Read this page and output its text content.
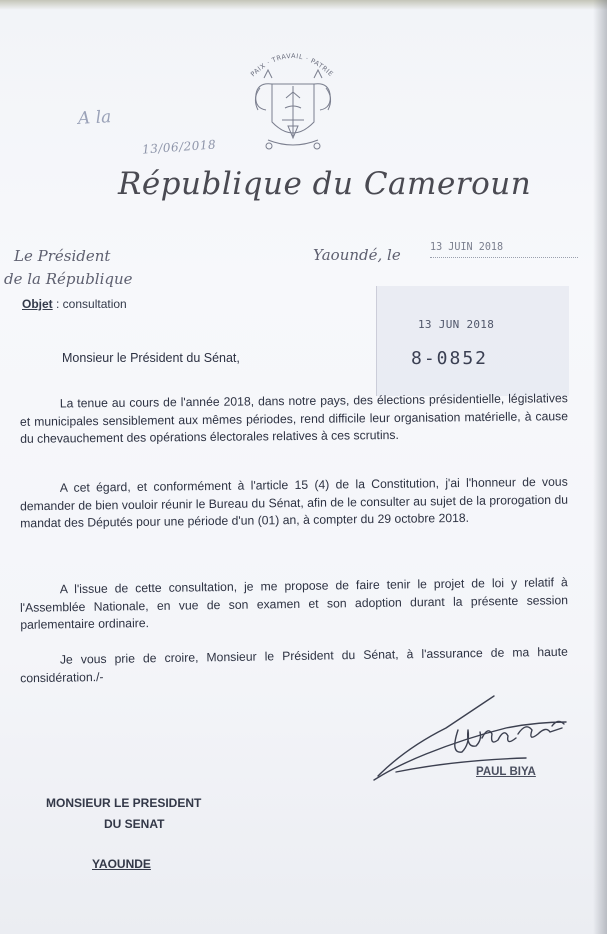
PAIX · TRAVAIL · PATRIE
A la
13/06/2018
République du Cameroun
Le Président
de la République
Yaoundé, le	13 JUIN 2018
13 JUN 2018
8-0852
Objet : consultation
Monsieur le Président du Sénat,

La tenue au cours de l'année 2018, dans notre pays, des élections présidentielle, législatives et municipales sensiblement aux mêmes périodes, rend difficile leur organisation matérielle, à cause du chevauchement des opérations électorales relatives à ces scrutins.

A cet égard, et conformément à l'article 15 (4) de la Constitution, j'ai l'honneur de vous demander de bien vouloir réunir le Bureau du Sénat, afin de le consulter au sujet de la prorogation du mandat des Députés pour une période d'un (01) an, à compter du 29 octobre 2018.

A l'issue de cette consultation, je me propose de faire tenir le projet de loi y relatif à l'Assemblée Nationale, en vue de son examen et son adoption durant la présente session parlementaire ordinaire.

Je vous prie de croire, Monsieur le Président du Sénat, à l'assurance de ma haute considération./-

PAUL BIYA
MONSIEUR LE PRESIDENT
DU SENAT
YAOUNDE
